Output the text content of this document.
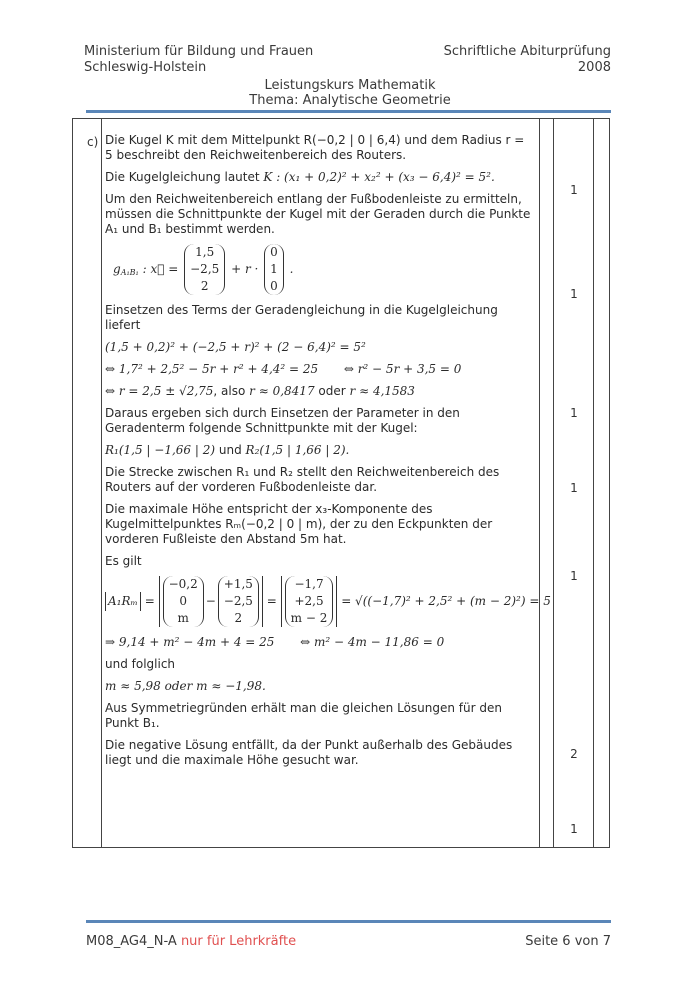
Ministerium für Bildung und Frauen
Schleswig-Holstein
Schriftliche Abiturprüfung
2008
Leistungskurs Mathematik
Thema: Analytische Geometrie
c) Die Kugel K mit dem Mittelpunkt R(−0,2 | 0 | 6,4) und dem Radius r = 5 beschreibt den Reichweitenbereich des Routers.

Die Kugelgleichung lautet K : (x₁ + 0,2)² + x₂² + (x₃ − 6,4)² = 5².

Um den Reichweitenbereich entlang der Fußbodenleiste zu ermitteln, müssen die Schnittpunkte der Kugel mit der Geraden durch die Punkte A₁ und B₁ bestimmt werden.

$g_{A_1B_1}$ : x⃗ = 1,5
−2,5
2 + r · 0
1
0 .

Einsetzen des Terms der Geradengleichung in die Kugelgleichung liefert

(1,5 + 0,2)² + (−2,5 + r)² + (2 − 6,4)² = 5²

⇔ 1,7² + 2,5² − 5r + r² + 4,4² = 25 ⇔ r² − 5r + 3,5 = 0

⇔ r = 2,5 ± √2,75, also r ≈ 0,8417 oder r ≈ 4,1583

Daraus ergeben sich durch Einsetzen der Parameter in den Geradenterm folgende Schnittpunkte mit der Kugel:

R₁(1,5 | −1,66 | 2) und R₂(1,5 | 1,66 | 2).

Die Strecke zwischen R₁ und R₂ stellt den Reichweitenbereich des Routers auf der vorderen Fußbodenleiste dar.

Die maximale Höhe entspricht der x₃-Komponente des Kugelmittelpunktes Rₘ(−0,2 | 0 | m), der zu den Eckpunkten der vorderen Fußleiste den Abstand 5m hat.

Es gilt

A₁Rₘ = −0,2
0
m−+1,5
−2,5
2 = −1,7
+2,5
m − 2 = √((−1,7)² + 2,5² + (m − 2)²) = 5

⇒ 9,14 + m² − 4m + 4 = 25 ⇔ m² − 4m − 11,86 = 0

und folglich

m ≈ 5,98 oder m ≈ −1,98.

Aus Symmetriegründen erhält man die gleichen Lösungen für den Punkt B₁.

Die negative Lösung entfällt, da der Punkt außerhalb des Gebäudes liegt und die maximale Höhe gesucht war.

1
1
1
1
1
2
1
M08_AG4_N-A nur für Lehrkräfte	Seite 6 von 7
